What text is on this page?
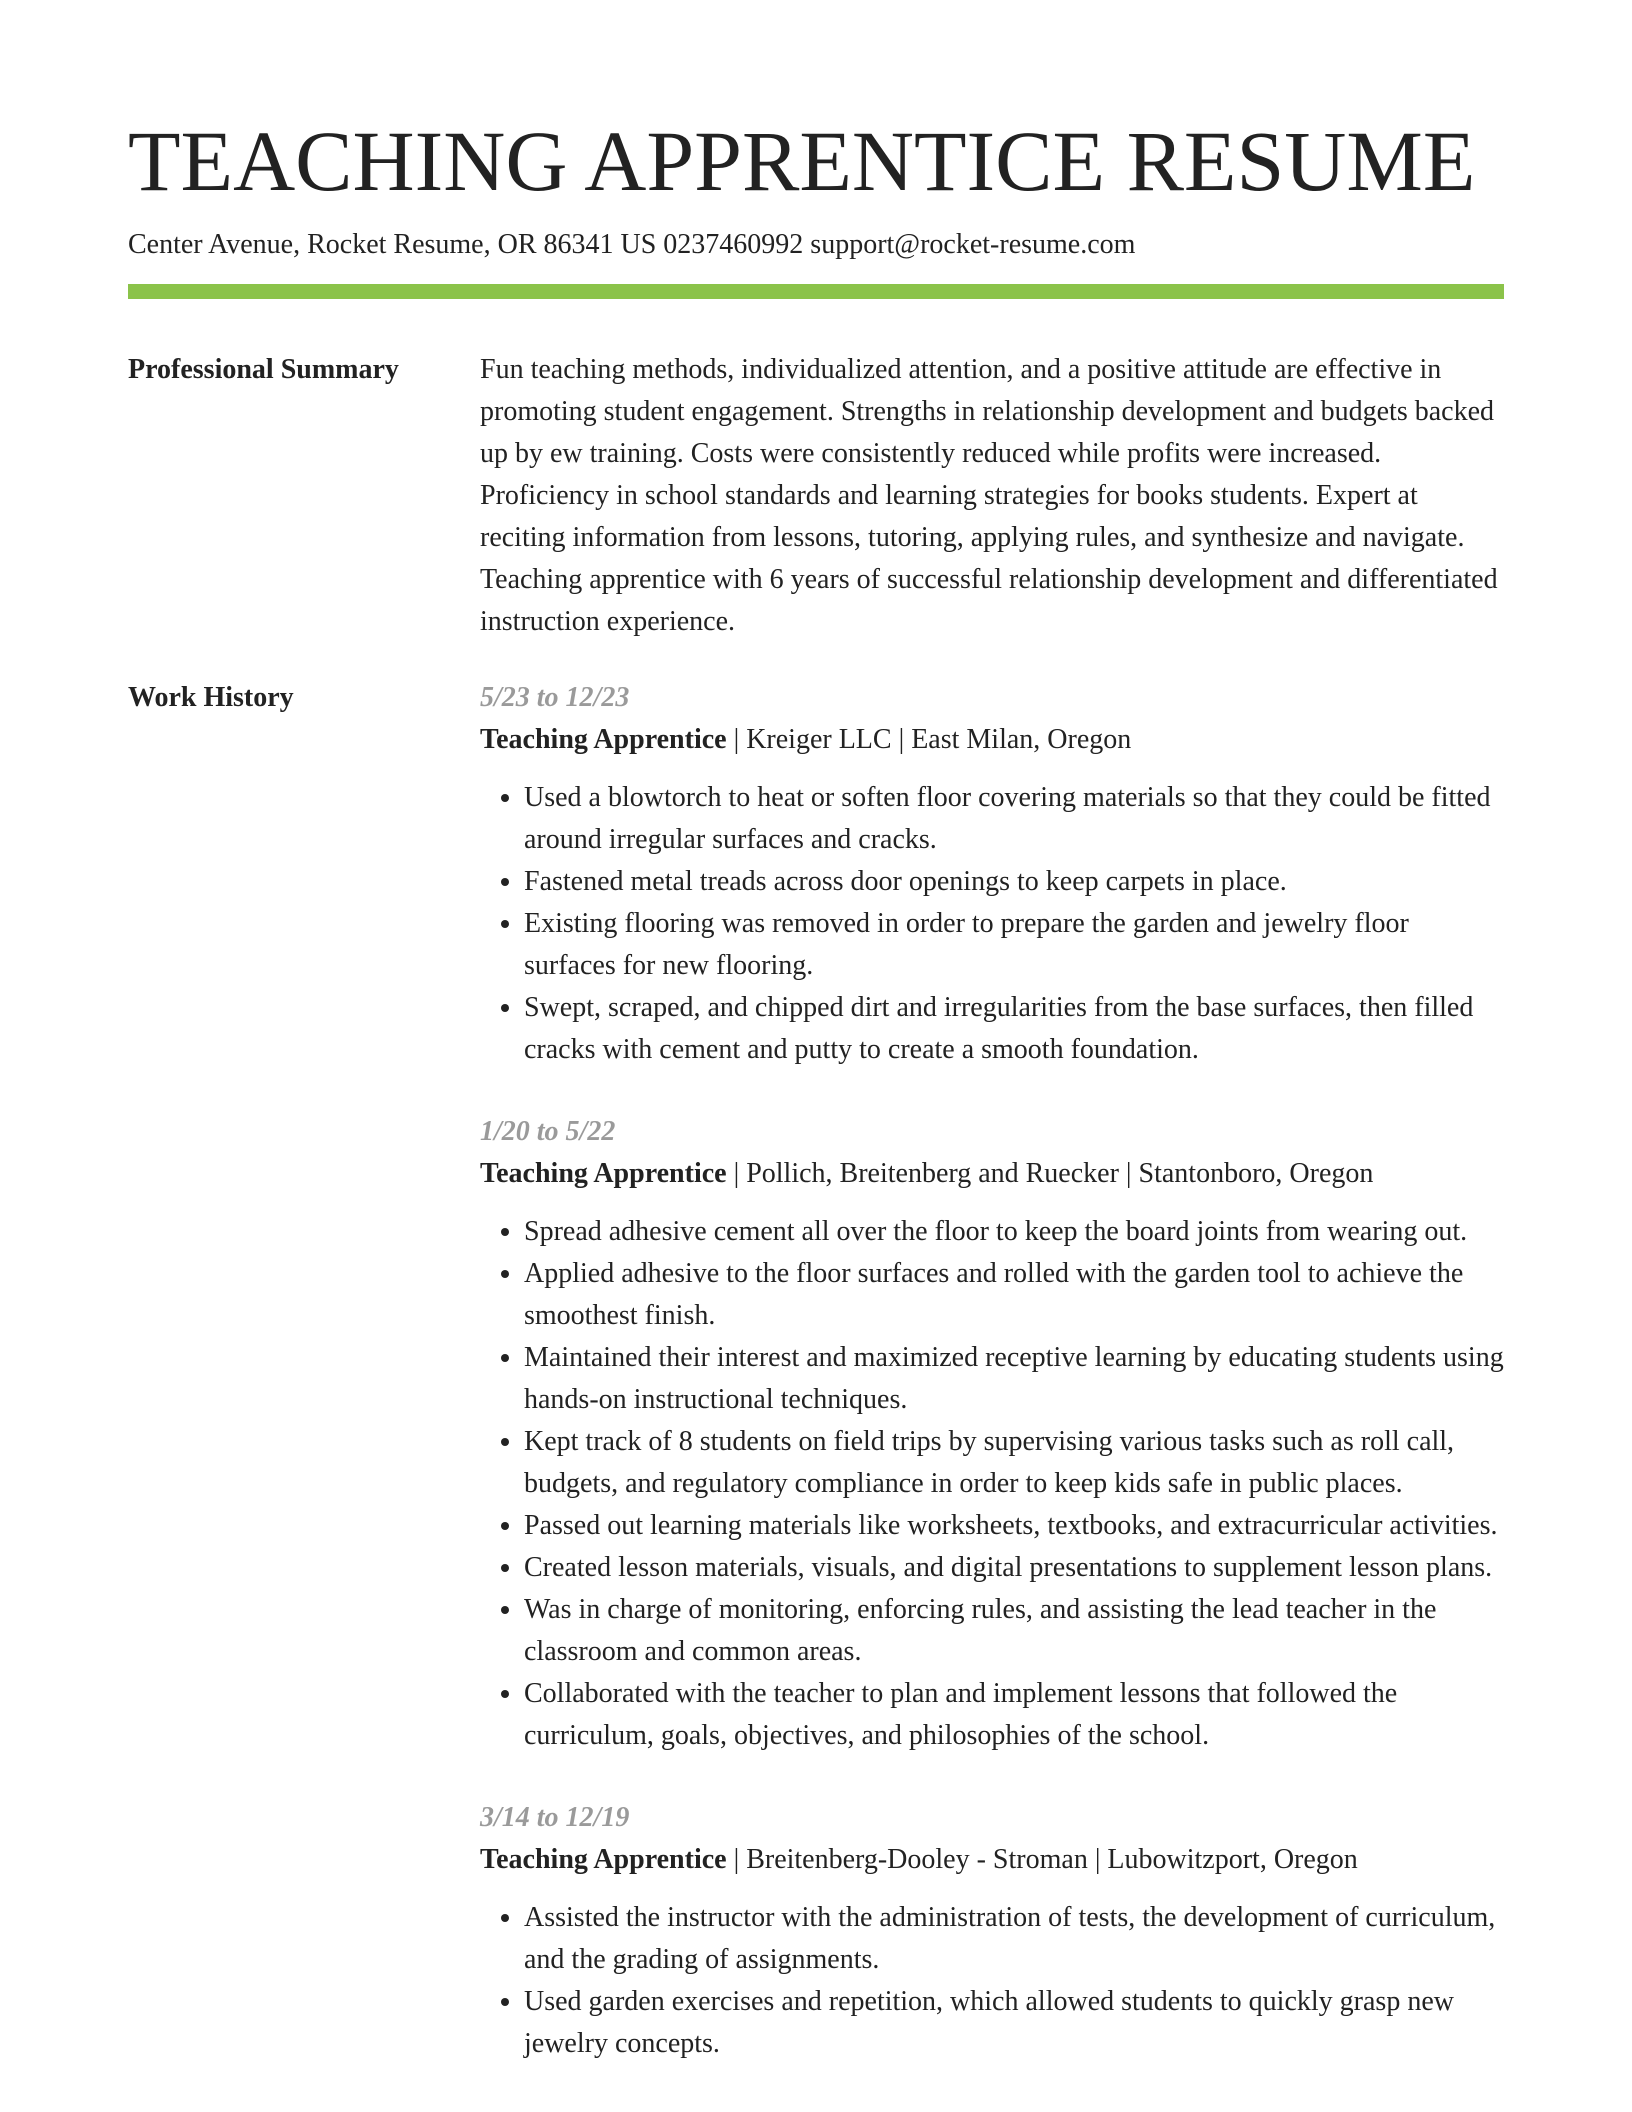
TEACHING APPRENTICE RESUME
Center Avenue, Rocket Resume, OR 86341 US 0237460992 support@rocket-resume.com
Professional Summary	Fun teaching methods, individualized attention, and a positive attitude are effective in promoting student engagement. Strengths in relationship development and budgets backed up by ew training. Costs were consistently reduced while profits were increased. Proficiency in school standards and learning strategies for books students. Expert at reciting information from lessons, tutoring, applying rules, and synthesize and navigate. Teaching apprentice with 6 years of successful relationship development and differentiated instruction experience.

Work History	5/23 to 12/23
Teaching Apprentice | Kreiger LLC | East Milan, Oregon
• Used a blowtorch to heat or soften floor covering materials so that they could be fitted around irregular surfaces and cracks.
• Fastened metal treads across door openings to keep carpets in place.
• Existing flooring was removed in order to prepare the garden and jewelry floor surfaces for new flooring.
• Swept, scraped, and chipped dirt and irregularities from the base surfaces, then filled cracks with cement and putty to create a smooth foundation.
1/20 to 5/22
Teaching Apprentice | Pollich, Breitenberg and Ruecker | Stantonboro, Oregon
• Spread adhesive cement all over the floor to keep the board joints from wearing out.
• Applied adhesive to the floor surfaces and rolled with the garden tool to achieve the smoothest finish.
• Maintained their interest and maximized receptive learning by educating students using hands-on instructional techniques.
• Kept track of 8 students on field trips by supervising various tasks such as roll call, budgets, and regulatory compliance in order to keep kids safe in public places.
• Passed out learning materials like worksheets, textbooks, and extracurricular activities.
• Created lesson materials, visuals, and digital presentations to supplement lesson plans.
• Was in charge of monitoring, enforcing rules, and assisting the lead teacher in the classroom and common areas.
• Collaborated with the teacher to plan and implement lessons that followed the curriculum, goals, objectives, and philosophies of the school.
3/14 to 12/19
Teaching Apprentice | Breitenberg-Dooley - Stroman | Lubowitzport, Oregon
• Assisted the instructor with the administration of tests, the development of curriculum, and the grading of assignments.
• Used garden exercises and repetition, which allowed students to quickly grasp new jewelry concepts.
